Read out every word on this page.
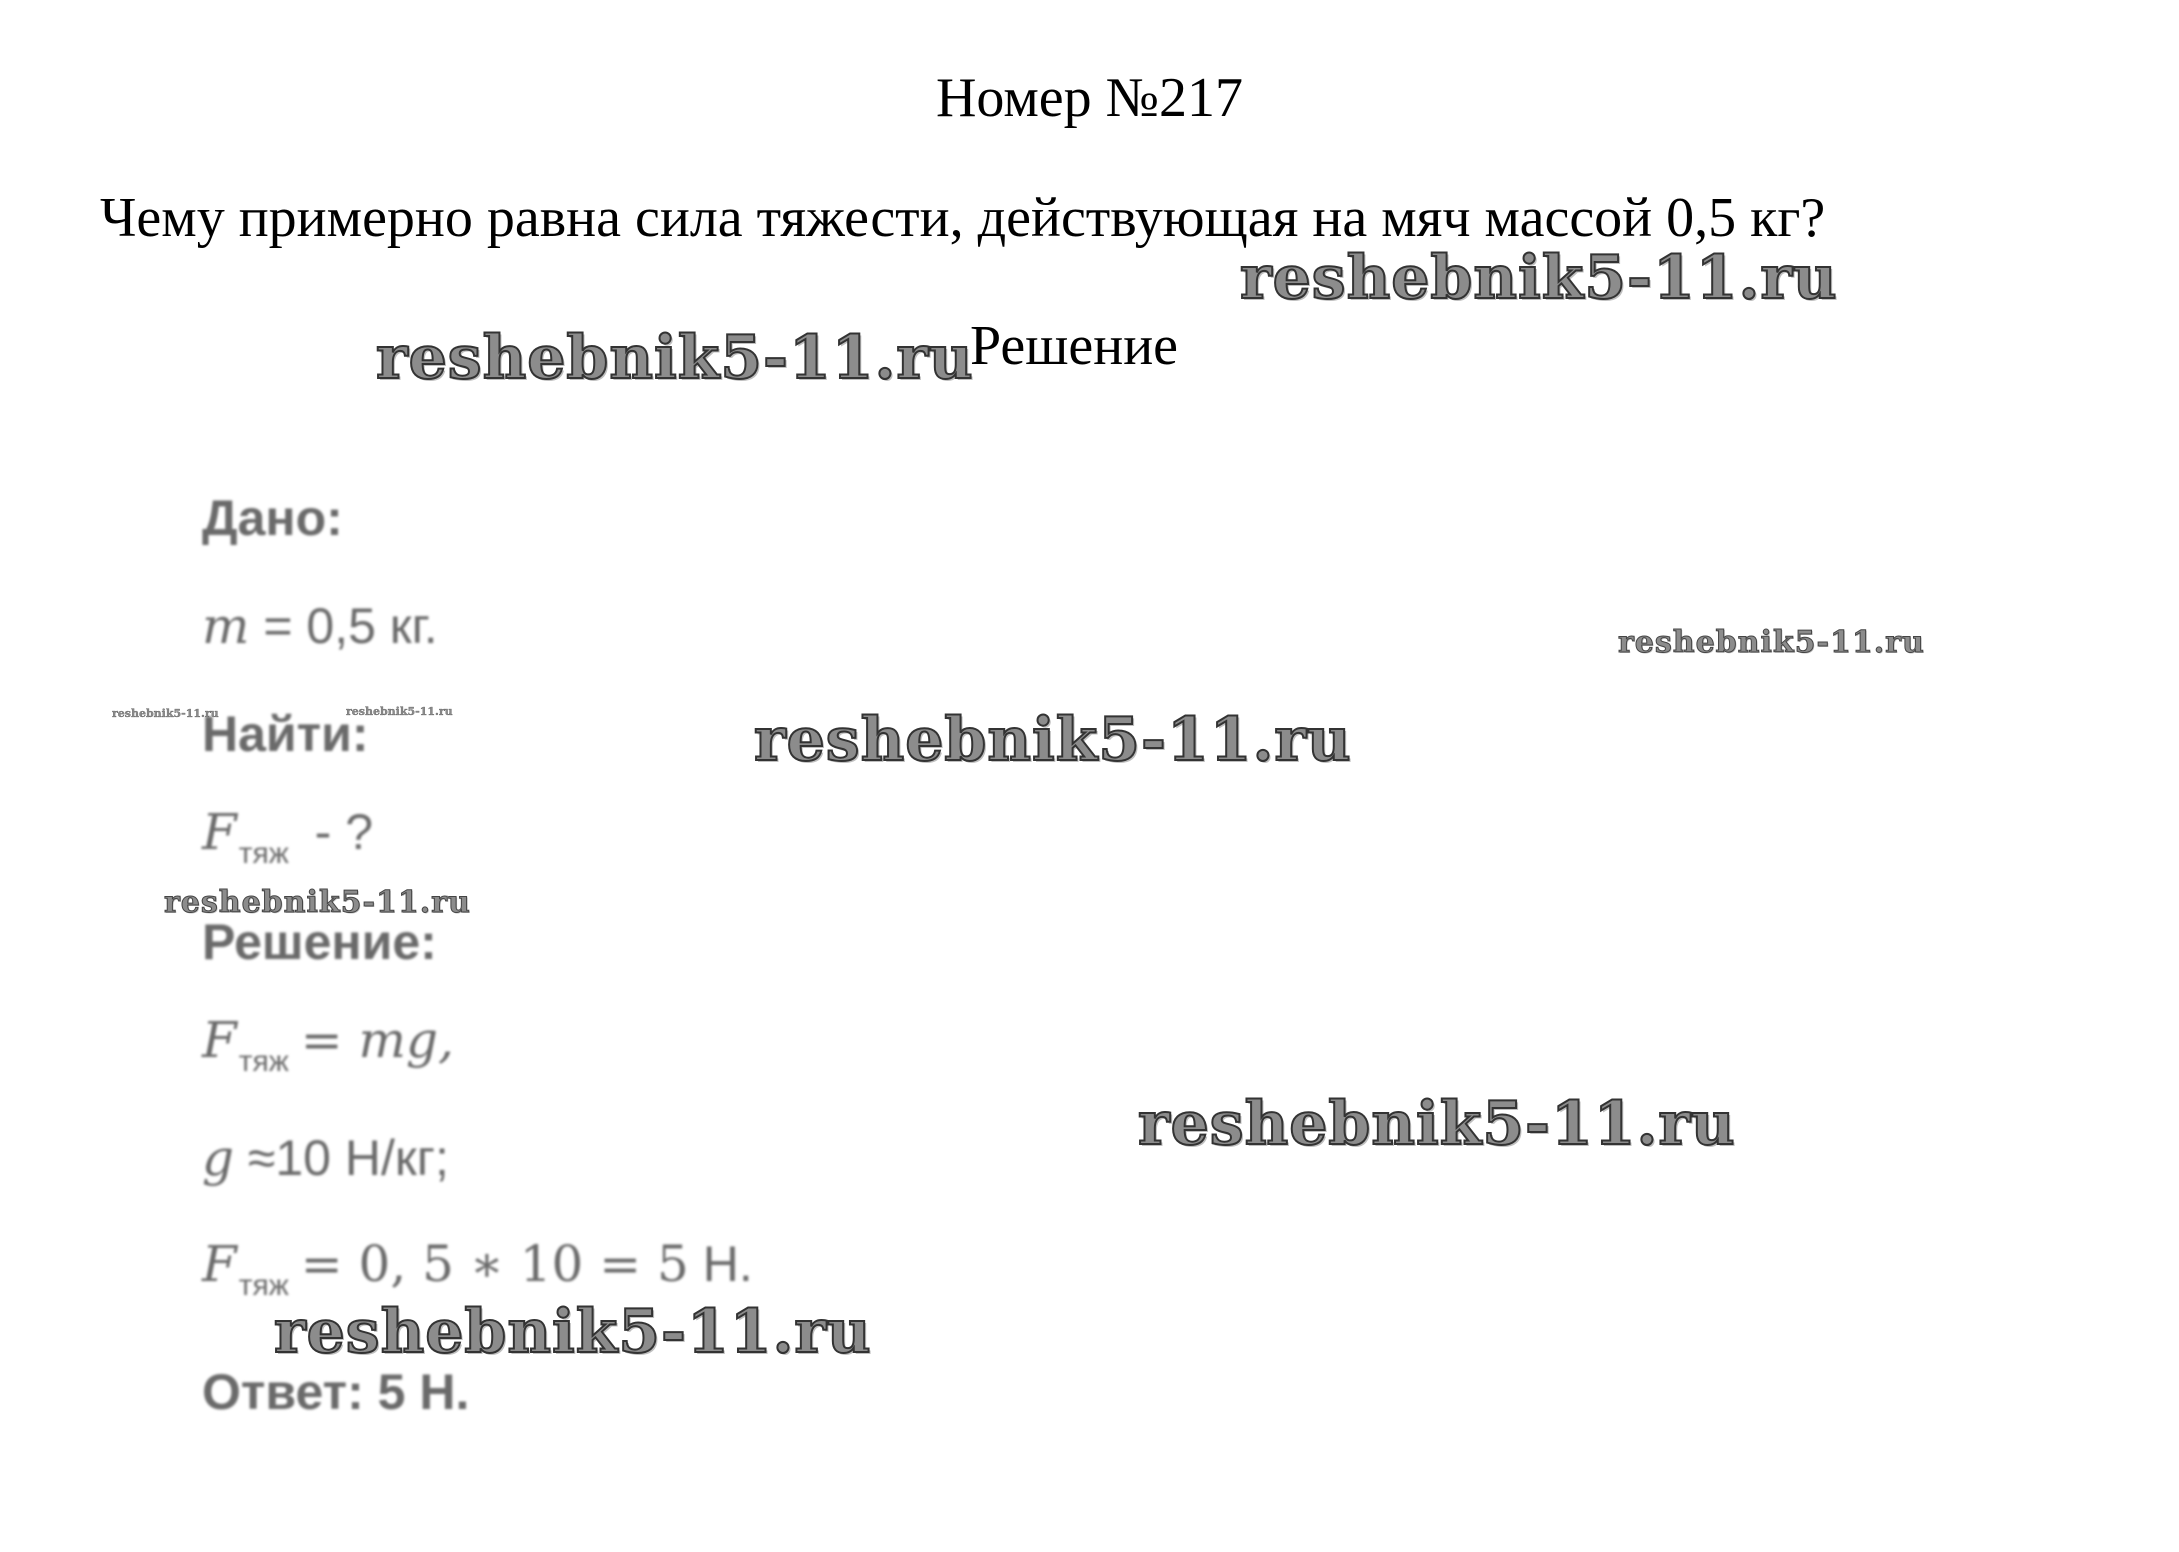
Номер №217
Чему примерно равна сила тяжести, действующая на мяч массой 0,5 кг?
Решение
Дано:
m = 0,5 кг.
Найти:
$F_{тяж}$ - ?
Решение:
$F_{тяж}$ = mg,
g ≈10 Н/кг;
$F_{тяж} = 0$, 5 ∗ 10 = 5 Н.
Ответ: 5 Н.
reshebnik5-11.ru
reshebnik5-11.ru
reshebnik5-11.ru
reshebnik5-11.ru	reshebnik5-11.ru	reshebnik5-11.ru
reshebnik5-11.ru
reshebnik5-11.ru
reshebnik5-11.ru
